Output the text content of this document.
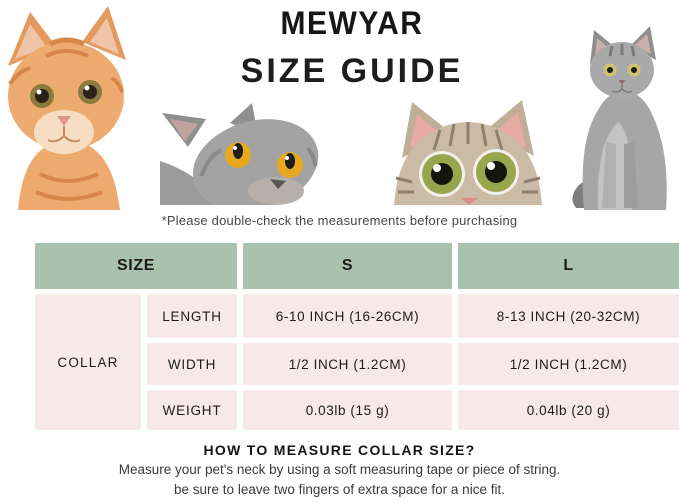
MEWYAR
SIZE GUIDE
*Please double-check the measurements before purchasing
SIZE	S	L
COLLAR
LENGTH	6-10 INCH (16-26CM)	8-13 INCH (20-32CM)
WIDTH	1/2 INCH (1.2CM)	1/2 INCH (1.2CM)
WEIGHT	0.03lb (15 g)	0.04lb (20 g)
HOW TO MEASURE COLLAR SIZE?
Measure your pet's neck by using a soft measuring tape or piece of string.
be sure to leave two fingers of extra space for a nice fit.
